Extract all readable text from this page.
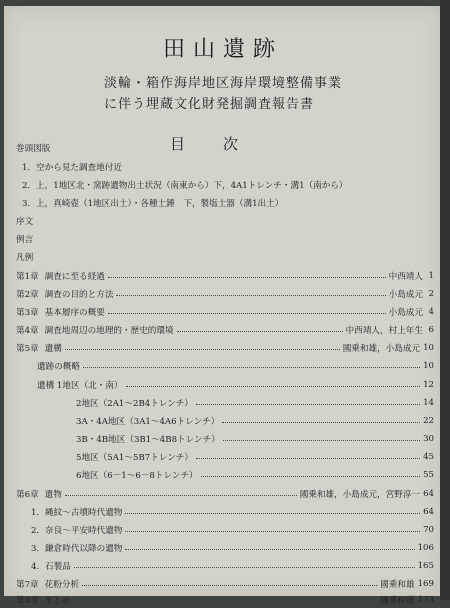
田山遺跡
淡輪・箱作海岸地区海岸環境整備事業
に伴う埋蔵文化財発掘調査報告書
目次
巻頭図版
1．空から見た調査地付近
2．上，1地区北・窯跡遺物出土状況（南東から）下，4A1トレンチ・溝1（南から）
3．上，真崎壺（1地区出土）・各種土錘　下，製塩土器（溝1出土）
序文
例言
凡例
第1章 調査に至る経過	中西靖人 1
第2章 調査の目的と方法	小島成元 2
第3章 基本層序の概要	小島成元 4
第4章 調査地周辺の地理的・歴史的環境	中西靖人，村上年生 6
第5章 遺構	國乗和雄，小島成元 10
遺跡の概略	10
遺構 1地区（北・南）	12
2地区（2A1～2B4トレンチ）	14
3A・4A地区（3A1～4A6トレンチ）	22
3B・4B地区（3B1～4B8トレンチ）	30
5地区（5A1～5B7トレンチ）	45
6地区（6－1～6－8トレンチ）	55
第6章 遺物	國乗和雄，小島成元，宮野淳一 64
1．縄紋～古墳時代遺物	64
2．奈良～平安時代遺物	70
3．鎌倉時代以降の遺物	106
4．石製品	165
第7章 花粉分析	國乗和雄 169
第8章 まとめ	國乗和雄 173
